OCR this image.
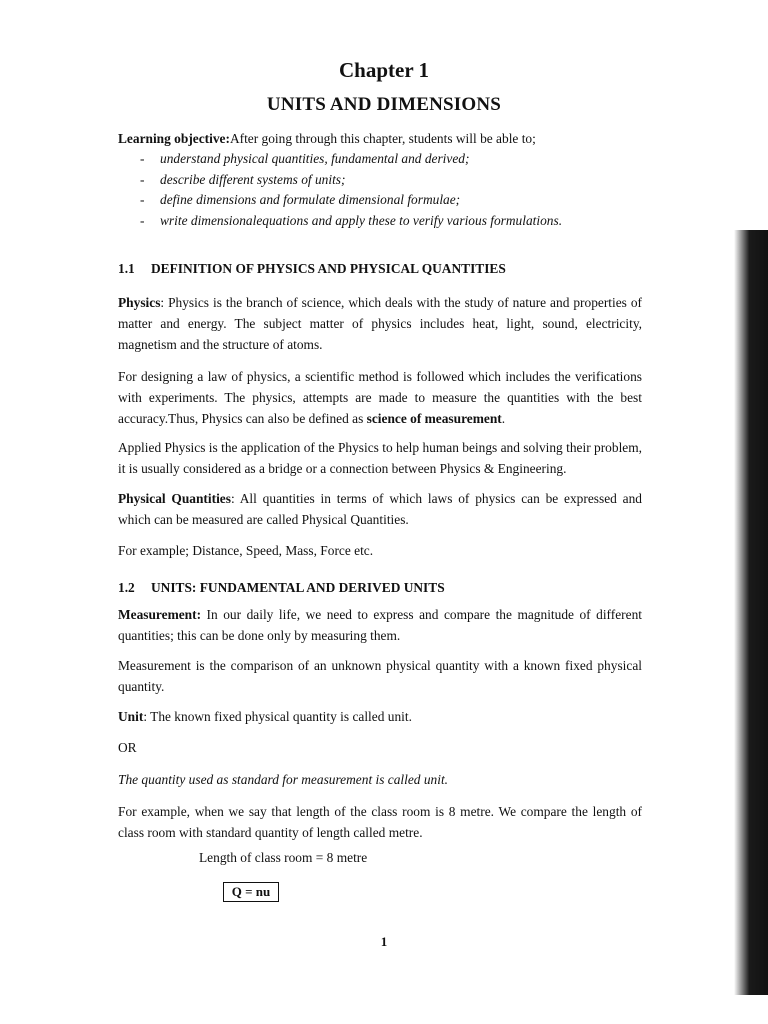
Chapter 1
UNITS AND DIMENSIONS
Learning objective:After going through this chapter, students will be able to;
- understand physical quantities, fundamental and derived;
- describe different systems of units;
- define dimensions and formulate dimensional formulae;
- write dimensionalequations and apply these to verify various formulations.
1.1 DEFINITION OF PHYSICS AND PHYSICAL QUANTITIES
Physics: Physics is the branch of science, which deals with the study of nature and properties of matter and energy. The subject matter of physics includes heat, light, sound, electricity, magnetism and the structure of atoms.
For designing a law of physics, a scientific method is followed which includes the verifications with experiments. The physics, attempts are made to measure the quantities with the best accuracy.Thus, Physics can also be defined as science of measurement.
Applied Physics is the application of the Physics to help human beings and solving their problem, it is usually considered as a bridge or a connection between Physics & Engineering.
Physical Quantities: All quantities in terms of which laws of physics can be expressed and which can be measured are called Physical Quantities.
For example; Distance, Speed, Mass, Force etc.
1.2 UNITS: FUNDAMENTAL AND DERIVED UNITS
Measurement: In our daily life, we need to express and compare the magnitude of different quantities; this can be done only by measuring them.
Measurement is the comparison of an unknown physical quantity with a known fixed physical quantity.
Unit: The known fixed physical quantity is called unit.
OR
The quantity used as standard for measurement is called unit.
For example, when we say that length of the class room is 8 metre. We compare the length of class room with standard quantity of length called metre.
Length of class room = 8 metre
Q = nu
1
